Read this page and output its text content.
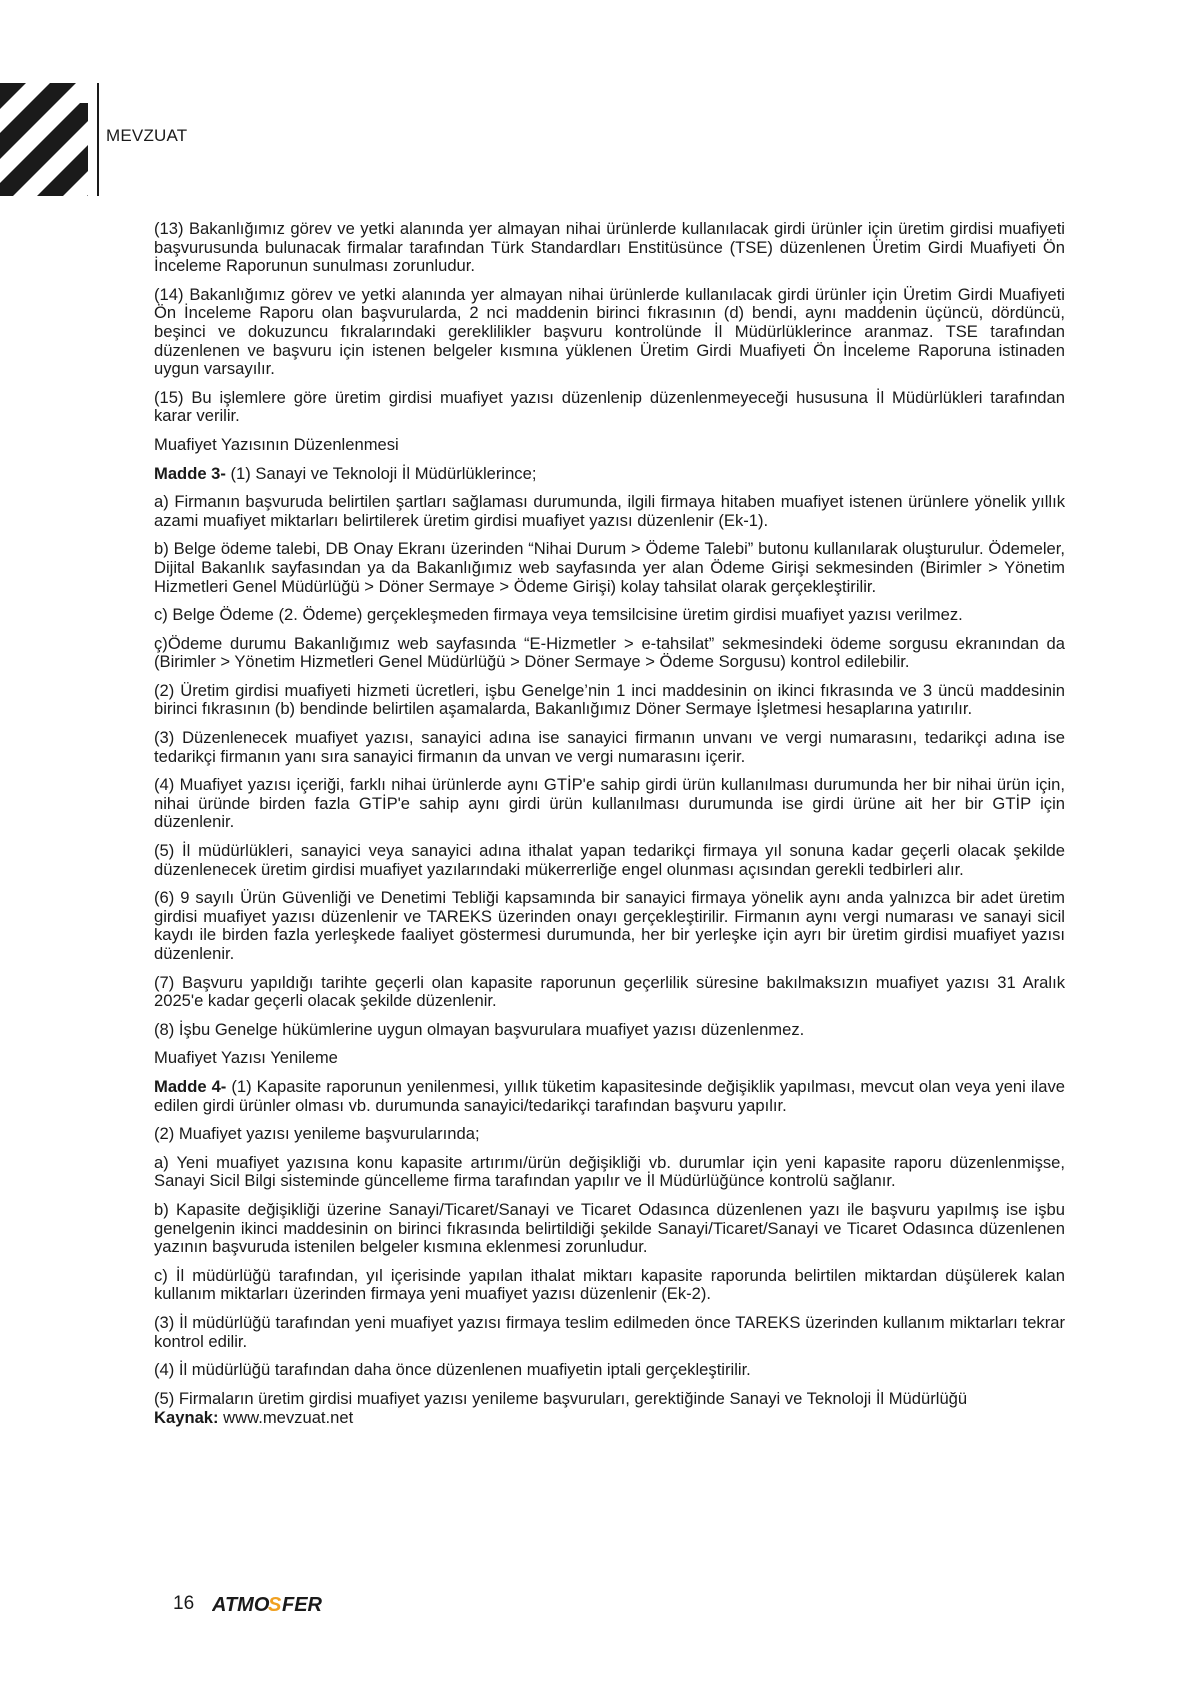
MEVZUAT

(13) Bakanlığımız görev ve yetki alanında yer almayan nihai ürünlerde kullanılacak girdi ürünler için üretim girdisi muafiyeti başvurusunda bulunacak firmalar tarafından Türk Standardları Enstitüsünce (TSE) düzenlenen Üretim Girdi Muafiyeti Ön İnceleme Raporunun sunulması zorunludur.

(14) Bakanlığımız görev ve yetki alanında yer almayan nihai ürünlerde kullanılacak girdi ürünler için Üretim Girdi Muafiyeti Ön İnceleme Raporu olan başvurularda, 2 nci maddenin birinci fıkrasının (d) bendi, aynı maddenin üçüncü, dördüncü, beşinci ve dokuzuncu fıkralarındaki gereklilikler başvuru kontrolünde İl Müdürlüklerince aranmaz. TSE tarafından düzenlenen ve başvuru için istenen belgeler kısmına yüklenen Üretim Girdi Muafiyeti Ön İnceleme Raporuna istinaden uygun varsayılır.

(15) Bu işlemlere göre üretim girdisi muafiyet yazısı düzenlenip düzenlenmeyeceği hususuna İl Müdürlükleri tarafından karar verilir.

Muafiyet Yazısının Düzenlenmesi

Madde 3- (1) Sanayi ve Teknoloji İl Müdürlüklerince;

a) Firmanın başvuruda belirtilen şartları sağlaması durumunda, ilgili firmaya hitaben muafiyet istenen ürünlere yönelik yıllık azami muafiyet miktarları belirtilerek üretim girdisi muafiyet yazısı düzenlenir (Ek-1).

b) Belge ödeme talebi, DB Onay Ekranı üzerinden “Nihai Durum > Ödeme Talebi” butonu kullanılarak oluşturulur. Ödemeler, Dijital Bakanlık sayfasından ya da Bakanlığımız web sayfasında yer alan Ödeme Girişi sekmesinden (Birimler > Yönetim Hizmetleri Genel Müdürlüğü > Döner Sermaye > Ödeme Girişi) kolay tahsilat olarak gerçekleştirilir.

c) Belge Ödeme (2. Ödeme) gerçekleşmeden firmaya veya temsilcisine üretim girdisi muafiyet yazısı verilmez.

ç)Ödeme durumu Bakanlığımız web sayfasında “E-Hizmetler > e-tahsilat” sekmesindeki ödeme sorgusu ekranından da (Birimler > Yönetim Hizmetleri Genel Müdürlüğü > Döner Sermaye > Ödeme Sorgusu) kontrol edilebilir.

(2) Üretim girdisi muafiyeti hizmeti ücretleri, işbu Genelge’nin 1 inci maddesinin on ikinci fıkrasında ve 3 üncü maddesinin birinci fıkrasının (b) bendinde belirtilen aşamalarda, Bakanlığımız Döner Sermaye İşletmesi hesaplarına yatırılır.

(3) Düzenlenecek muafiyet yazısı, sanayici adına ise sanayici firmanın unvanı ve vergi numarasını, tedarikçi adına ise tedarikçi firmanın yanı sıra sanayici firmanın da unvan ve vergi numarasını içerir.

(4) Muafiyet yazısı içeriği, farklı nihai ürünlerde aynı GTİP'e sahip girdi ürün kullanılması durumunda her bir nihai ürün için, nihai üründe birden fazla GTİP'e sahip aynı girdi ürün kullanılması durumunda ise girdi ürüne ait her bir GTİP için düzenlenir.

(5) İl müdürlükleri, sanayici veya sanayici adına ithalat yapan tedarikçi firmaya yıl sonuna kadar geçerli olacak şekilde düzenlenecek üretim girdisi muafiyet yazılarındaki mükerrerliğe engel olunması açısından gerekli tedbirleri alır.

(6) 9 sayılı Ürün Güvenliği ve Denetimi Tebliği kapsamında bir sanayici firmaya yönelik aynı anda yalnızca bir adet üretim girdisi muafiyet yazısı düzenlenir ve TAREKS üzerinden onayı gerçekleştirilir. Firmanın aynı vergi numarası ve sanayi sicil kaydı ile birden fazla yerleşkede faaliyet göstermesi durumunda, her bir yerleşke için ayrı bir üretim girdisi muafiyet yazısı düzenlenir.

(7) Başvuru yapıldığı tarihte geçerli olan kapasite raporunun geçerlilik süresine bakılmaksızın muafiyet yazısı 31 Aralık 2025'e kadar geçerli olacak şekilde düzenlenir.

(8) İşbu Genelge hükümlerine uygun olmayan başvurulara muafiyet yazısı düzenlenmez.

Muafiyet Yazısı Yenileme

Madde 4- (1) Kapasite raporunun yenilenmesi, yıllık tüketim kapasitesinde değişiklik yapılması, mevcut olan veya yeni ilave edilen girdi ürünler olması vb. durumunda sanayici/tedarikçi tarafından başvuru yapılır.

(2) Muafiyet yazısı yenileme başvurularında;

a) Yeni muafiyet yazısına konu kapasite artırımı/ürün değişikliği vb. durumlar için yeni kapasite raporu düzenlenmişse, Sanayi Sicil Bilgi sisteminde güncelleme firma tarafından yapılır ve İl Müdürlüğünce kontrolü sağlanır.

b) Kapasite değişikliği üzerine Sanayi/Ticaret/Sanayi ve Ticaret Odasınca düzenlenen yazı ile başvuru yapılmış ise işbu genelgenin ikinci maddesinin on birinci fıkrasında belirtildiği şekilde Sanayi/Ticaret/Sanayi ve Ticaret Odasınca düzenlenen yazının başvuruda istenilen belgeler kısmına eklenmesi zorunludur.

c) İl müdürlüğü tarafından, yıl içerisinde yapılan ithalat miktarı kapasite raporunda belirtilen miktardan düşülerek kalan kullanım miktarları üzerinden firmaya yeni muafiyet yazısı düzenlenir (Ek-2).

(3) İl müdürlüğü tarafından yeni muafiyet yazısı firmaya teslim edilmeden önce TAREKS üzerinden kullanım miktarları tekrar kontrol edilir.

(4) İl müdürlüğü tarafından daha önce düzenlenen muafiyetin iptali gerçekleştirilir.

(5) Firmaların üretim girdisi muafiyet yazısı yenileme başvuruları, gerektiğinde Sanayi ve Teknoloji İl Müdürlüğü

Kaynak: www.mevzuat.net

16 ATMO
S FER
